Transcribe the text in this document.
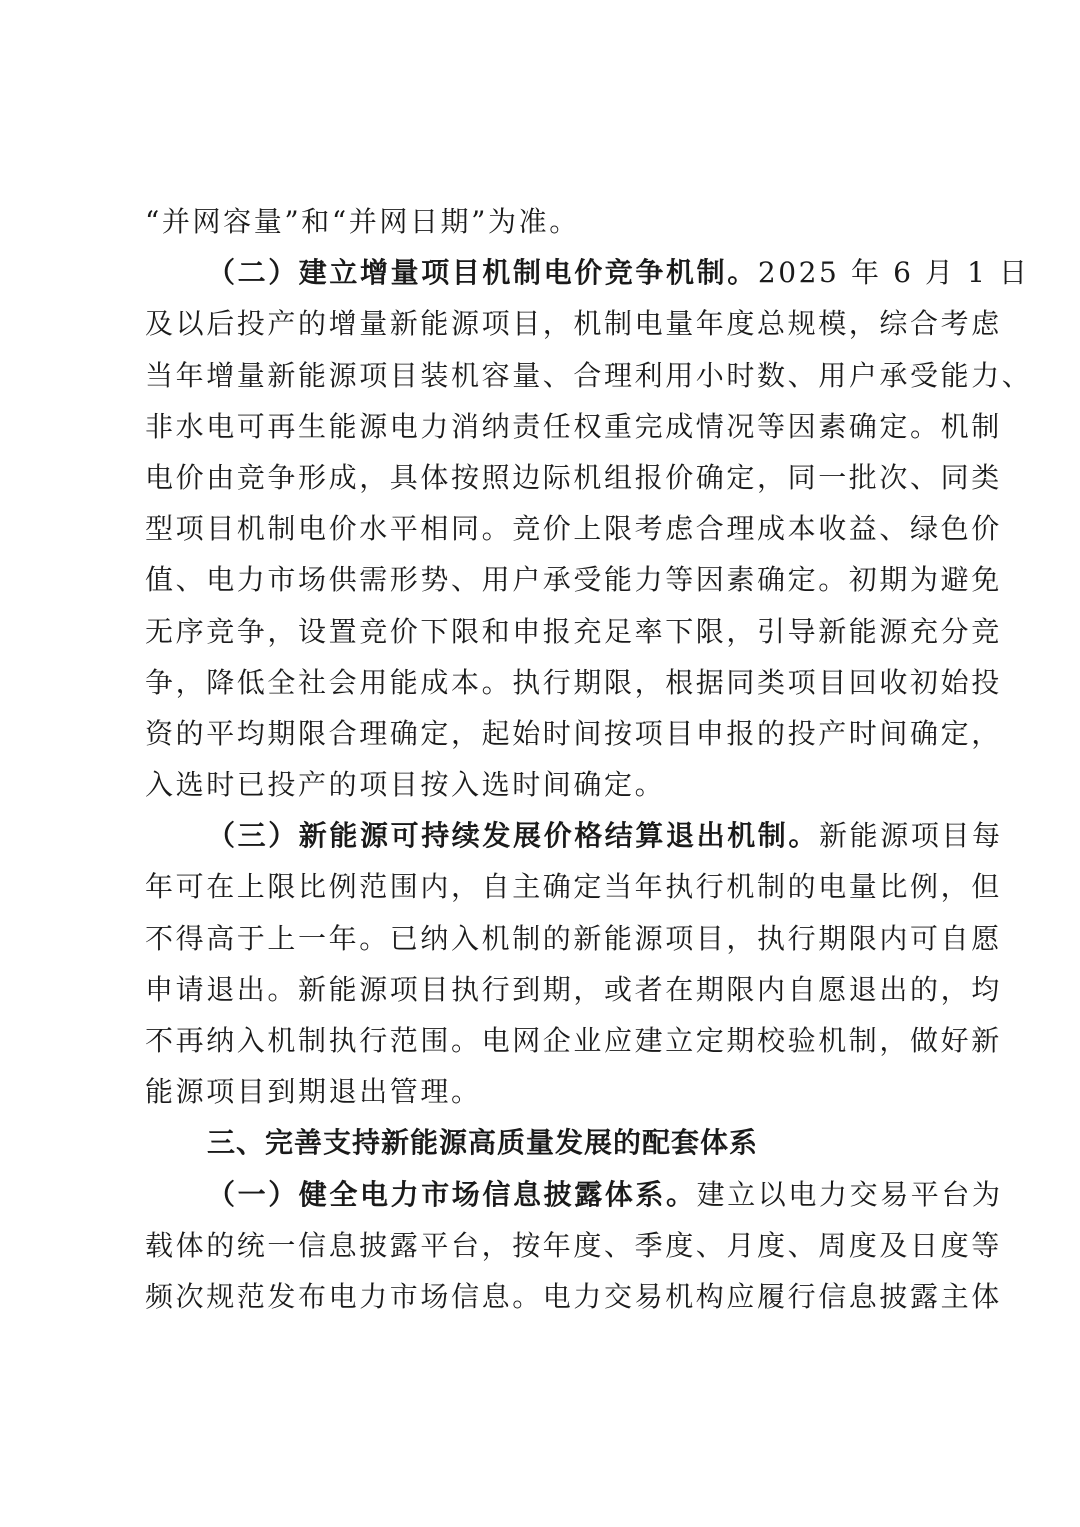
“并网容量”和“并网日期”为准。
（二）建立增量项目机制电价竞争机制。2025 年 6 月 1 日
及以后投产的增量新能源项目，机制电量年度总规模，综合考虑
当年增量新能源项目装机容量、合理利用小时数、用户承受能力、
非水电可再生能源电力消纳责任权重完成情况等因素确定。机制
电价由竞争形成，具体按照边际机组报价确定，同一批次、同类
型项目机制电价水平相同。竞价上限考虑合理成本收益、绿色价
值、电力市场供需形势、用户承受能力等因素确定。初期为避免
无序竞争，设置竞价下限和申报充足率下限，引导新能源充分竞
争，降低全社会用能成本。执行期限，根据同类项目回收初始投
资的平均期限合理确定，起始时间按项目申报的投产时间确定，
入选时已投产的项目按入选时间确定。
（三）新能源可持续发展价格结算退出机制。新能源项目每
年可在上限比例范围内，自主确定当年执行机制的电量比例，但
不得高于上一年。已纳入机制的新能源项目，执行期限内可自愿
申请退出。新能源项目执行到期，或者在期限内自愿退出的，均
不再纳入机制执行范围。电网企业应建立定期校验机制，做好新
能源项目到期退出管理。
三、完善支持新能源高质量发展的配套体系
（一）健全电力市场信息披露体系。建立以电力交易平台为
载体的统一信息披露平台，按年度、季度、月度、周度及日度等
频次规范发布电力市场信息。电力交易机构应履行信息披露主体
